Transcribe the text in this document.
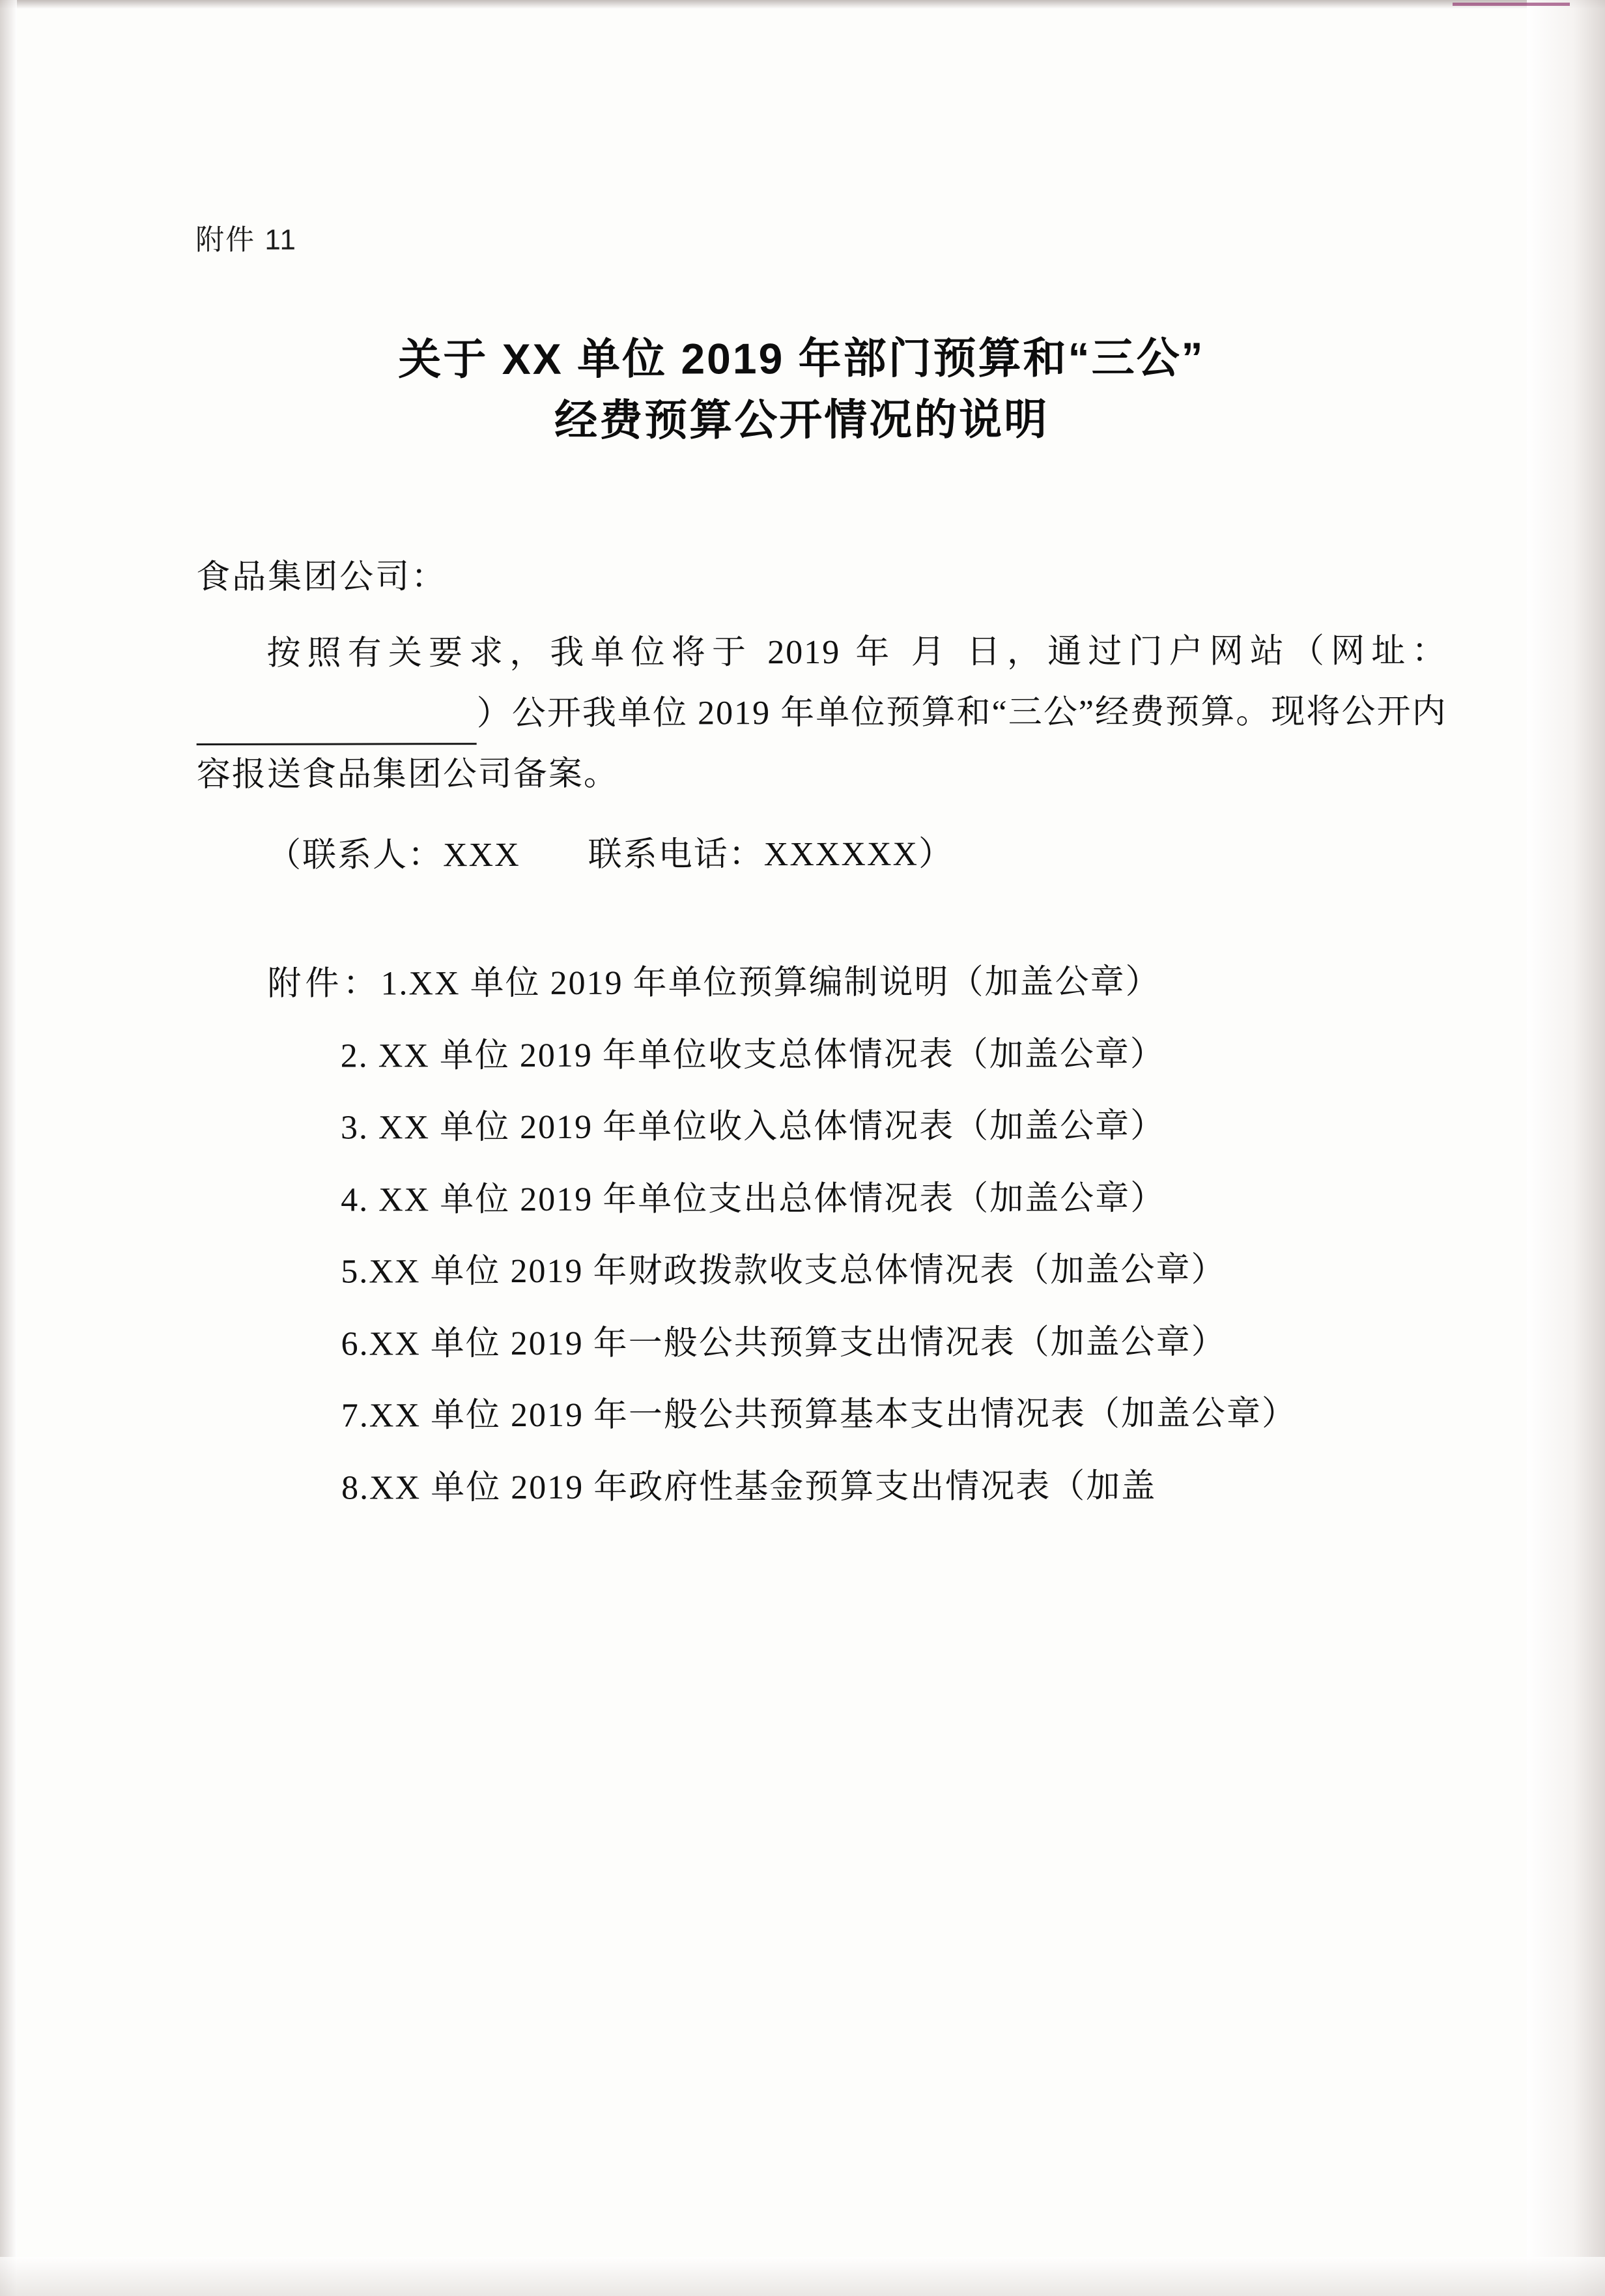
附件 11
关于 XX 单位 2019 年部门预算和“三公”
经费预算公开情况的说明
食品集团公司：

按照有关要求，我单位将于 2019 年 月 日，通过门户网站（网址：）公开我单位 2019 年单位预算和“三公”经费预算。现将公开内容报送食品集团公司备案。

（联系人：XXX 联系电话：XXXXXX）
附件：1.XX 单位 2019 年单位预算编制说明（加盖公章）
2. XX 单位 2019 年单位收支总体情况表（加盖公章）
3. XX 单位 2019 年单位收入总体情况表（加盖公章）
4. XX 单位 2019 年单位支出总体情况表（加盖公章）
5.XX 单位 2019 年财政拨款收支总体情况表（加盖公章）
6.XX 单位 2019 年一般公共预算支出情况表（加盖公章）
7.XX 单位 2019 年一般公共预算基本支出情况表（加盖公章）
8.XX 单位 2019 年政府性基金预算支出情况表（加盖
